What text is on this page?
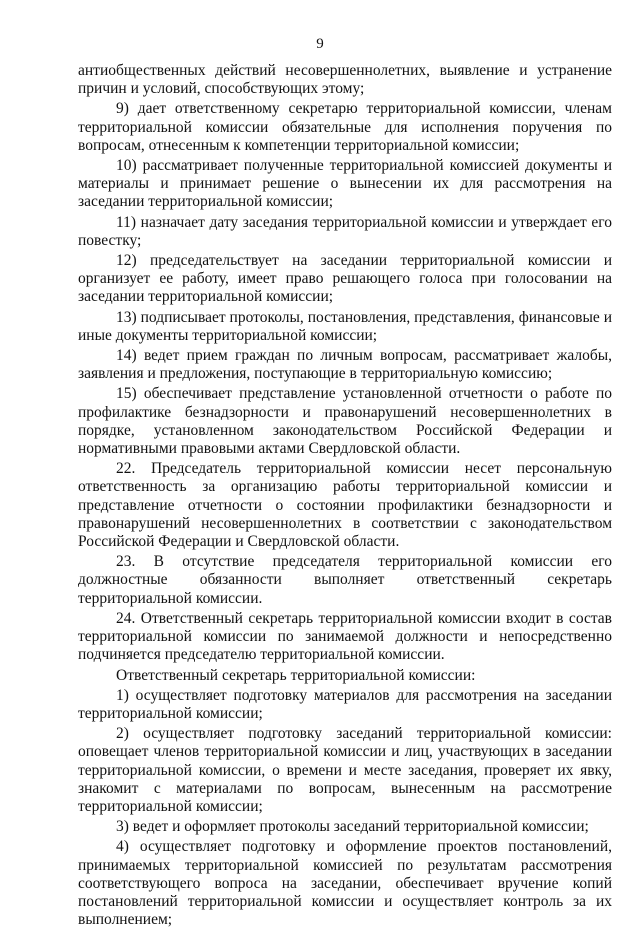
9

антиобщественных действий несовершеннолетних, выявление и устранение причин и условий, способствующих этому;

9) дает ответственному секретарю территориальной комиссии, членам территориальной комиссии обязательные для исполнения поручения по вопросам, отнесенным к компетенции территориальной комиссии;

10) рассматривает полученные территориальной комиссией документы и материалы и принимает решение о вынесении их для рассмотрения на заседании территориальной комиссии;

11) назначает дату заседания территориальной комиссии и утверждает его повестку;

12) председательствует на заседании территориальной комиссии и организует ее работу, имеет право решающего голоса при голосовании на заседании территориальной комиссии;

13) подписывает протоколы, постановления, представления, финансовые и иные документы территориальной комиссии;

14) ведет прием граждан по личным вопросам, рассматривает жалобы, заявления и предложения, поступающие в территориальную комиссию;

15) обеспечивает представление установленной отчетности о работе по профилактике безнадзорности и правонарушений несовершеннолетних в порядке, установленном законодательством Российской Федерации и нормативными правовыми актами Свердловской области.

22. Председатель территориальной комиссии несет персональную ответственность за организацию работы территориальной комиссии и представление отчетности о состоянии профилактики безнадзорности и правонарушений несовершеннолетних в соответствии с законодательством Российской Федерации и Свердловской области.

23. В отсутствие председателя территориальной комиссии его должностные обязанности выполняет ответственный секретарь территориальной комиссии.

24. Ответственный секретарь территориальной комиссии входит в состав территориальной комиссии по занимаемой должности и непосредственно подчиняется председателю территориальной комиссии.

Ответственный секретарь территориальной комиссии:

1) осуществляет подготовку материалов для рассмотрения на заседании территориальной комиссии;

2) осуществляет подготовку заседаний территориальной комиссии: оповещает членов территориальной комиссии и лиц, участвующих в заседании территориальной комиссии, о времени и месте заседания, проверяет их явку, знакомит с материалами по вопросам, вынесенным на рассмотрение территориальной комиссии;

3) ведет и оформляет протоколы заседаний территориальной комиссии;

4) осуществляет подготовку и оформление проектов постановлений, принимаемых территориальной комиссией по результатам рассмотрения соответствующего вопроса на заседании, обеспечивает вручение копий постановлений территориальной комиссии и осуществляет контроль за их выполнением;
